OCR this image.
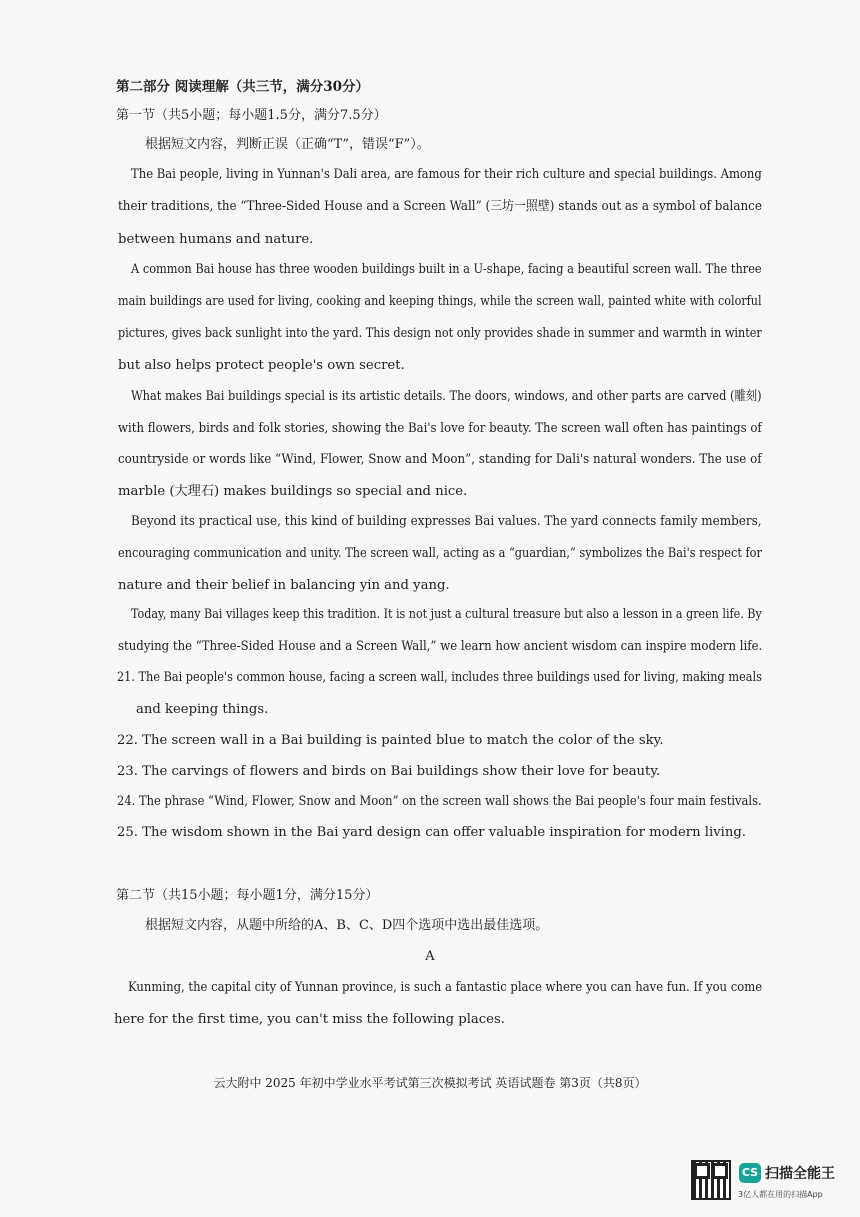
第二部分 阅读理解（共三节，满分30分）
第一节（共5小题；每小题1.5分，满分7.5分）
根据短文内容，判断正误（正确“T”，错误“F”）。
The Bai people, living in Yunnan's Dali area, are famous for their rich culture and special buildings. Among
their traditions, the “Three-Sided House and a Screen Wall” (三坊一照壁) stands out as a symbol of balance
between humans and nature.
A common Bai house has three wooden buildings built in a U-shape, facing a beautiful screen wall. The three
main buildings are used for living, cooking and keeping things, while the screen wall, painted white with colorful
pictures, gives back sunlight into the yard. This design not only provides shade in summer and warmth in winter
but also helps protect people's own secret.
What makes Bai buildings special is its artistic details. The doors, windows, and other parts are carved (雕刻)
with flowers, birds and folk stories, showing the Bai's love for beauty. The screen wall often has paintings of
countryside or words like “Wind, Flower, Snow and Moon”, standing for Dali's natural wonders. The use of
marble (大理石) makes buildings so special and nice.
Beyond its practical use, this kind of building expresses Bai values. The yard connects family members,
encouraging communication and unity. The screen wall, acting as a “guardian,” symbolizes the Bai's respect for
nature and their belief in balancing yin and yang.
Today, many Bai villages keep this tradition. It is not just a cultural treasure but also a lesson in a green life. By
studying the “Three-Sided House and a Screen Wall,” we learn how ancient wisdom can inspire modern life.
21. The Bai people's common house, facing a screen wall, includes three buildings used for living, making meals
and keeping things.
22. The screen wall in a Bai building is painted blue to match the color of the sky.
23. The carvings of flowers and birds on Bai buildings show their love for beauty.
24. The phrase “Wind, Flower, Snow and Moon” on the screen wall shows the Bai people's four main festivals.
25. The wisdom shown in the Bai yard design can offer valuable inspiration for modern living.
第二节（共15小题；每小题1分，满分15分）
根据短文内容，从题中所给的A、B、C、D四个选项中选出最佳选项。
A
Kunming, the capital city of Yunnan province, is such a fantastic place where you can have fun. If you come
here for the first time, you can't miss the following places.
云大附中 2025 年初中学业水平考试第三次模拟考试 英语试题卷 第3页（共8页）
CS 扫描全能王
3亿人都在用的扫描App
